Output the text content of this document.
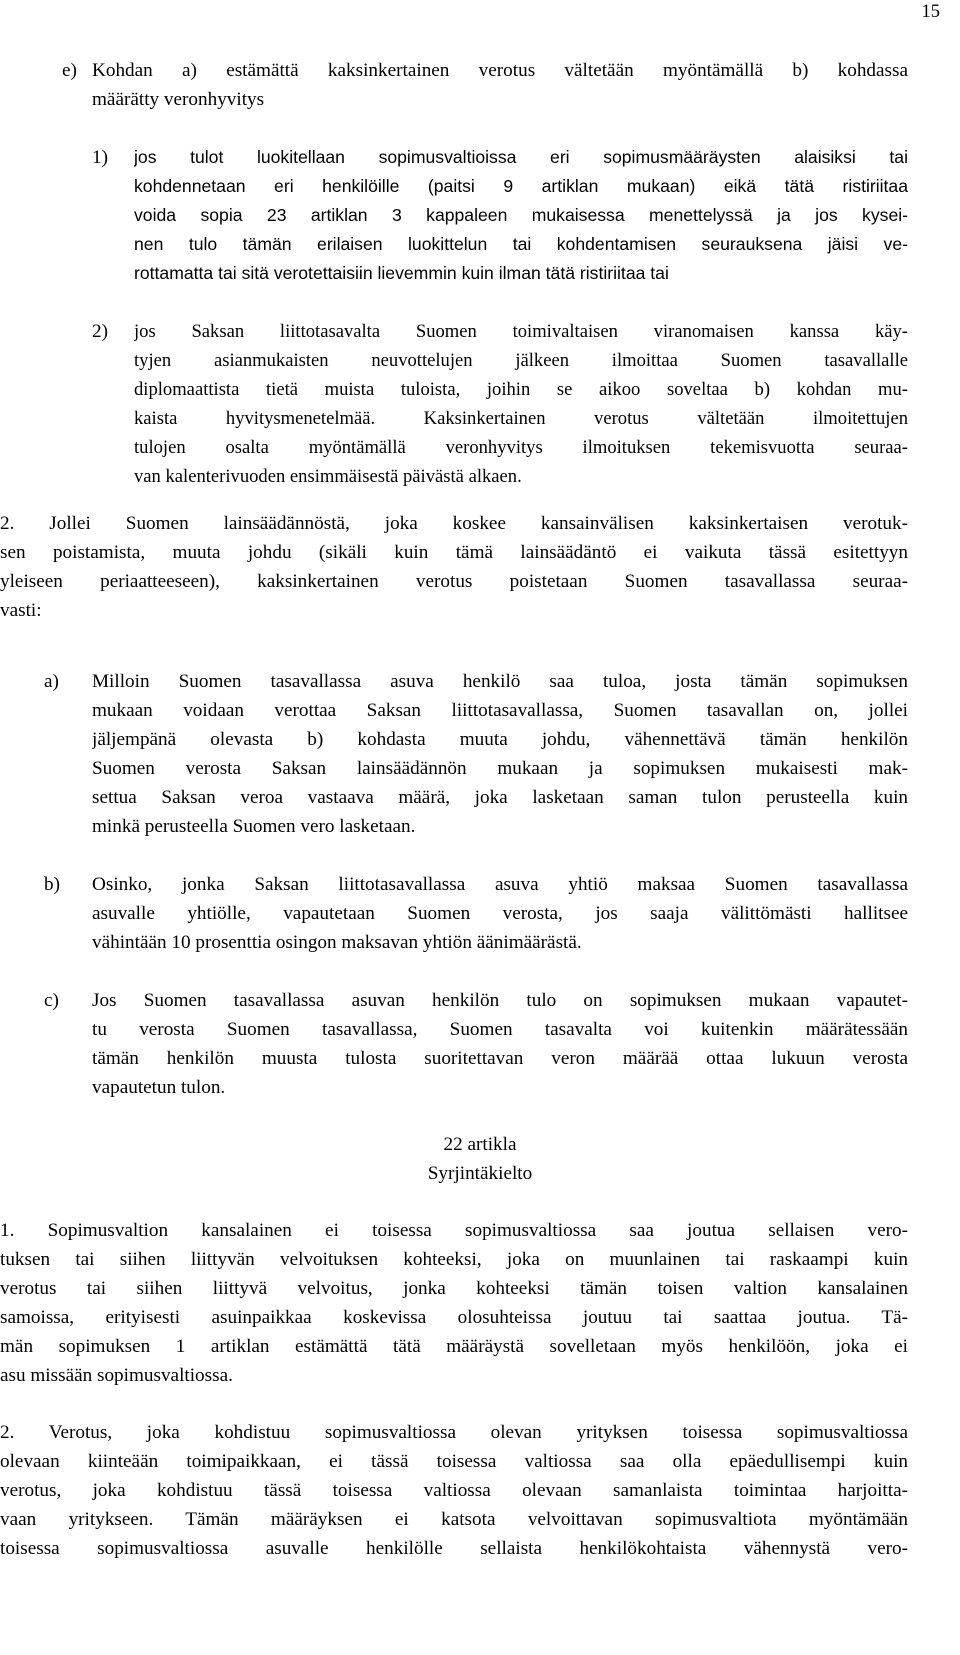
15
e) Kohdan a) estämättä kaksinkertainen verotus vältetään myöntämällä b) kohdassa
määrätty veronhyvitys
1) jos tulot luokitellaan sopimusvaltioissa eri sopimusmääräysten alaisiksi tai
kohdennetaan eri henkilöille (paitsi 9 artiklan mukaan) eikä tätä ristiriitaa
voida sopia 23 artiklan 3 kappaleen mukaisessa menettelyssä ja jos kysei-
nen tulo tämän erilaisen luokittelun tai kohdentamisen seurauksena jäisi ve-
rottamatta tai sitä verotettaisiin lievemmin kuin ilman tätä ristiriitaa tai
2) jos Saksan liittotasavalta Suomen toimivaltaisen viranomaisen kanssa käy-
tyjen asianmukaisten neuvottelujen jälkeen ilmoittaa Suomen tasavallalle
diplomaattista tietä muista tuloista, joihin se aikoo soveltaa b) kohdan mu-
kaista hyvitysmenetelmää. Kaksinkertainen verotus vältetään ilmoitettujen
tulojen osalta myöntämällä veronhyvitys ilmoituksen tekemisvuotta seuraa-
van kalenterivuoden ensimmäisestä päivästä alkaen.
2. Jollei Suomen lainsäädännöstä, joka koskee kansainvälisen kaksinkertaisen verotuk-
sen poistamista, muuta johdu (sikäli kuin tämä lainsäädäntö ei vaikuta tässä esitettyyn
yleiseen periaatteeseen), kaksinkertainen verotus poistetaan Suomen tasavallassa seuraa-
vasti:
a) Milloin Suomen tasavallassa asuva henkilö saa tuloa, josta tämän sopimuksen
mukaan voidaan verottaa Saksan liittotasavallassa, Suomen tasavallan on, jollei
jäljempänä olevasta b) kohdasta muuta johdu, vähennettävä tämän henkilön
Suomen verosta Saksan lainsäädännön mukaan ja sopimuksen mukaisesti mak-
settua Saksan veroa vastaava määrä, joka lasketaan saman tulon perusteella kuin
minkä perusteella Suomen vero lasketaan.
b) Osinko, jonka Saksan liittotasavallassa asuva yhtiö maksaa Suomen tasavallassa
asuvalle yhtiölle, vapautetaan Suomen verosta, jos saaja välittömästi hallitsee
vähintään 10 prosenttia osingon maksavan yhtiön äänimäärästä.
c) Jos Suomen tasavallassa asuvan henkilön tulo on sopimuksen mukaan vapautet-
tu verosta Suomen tasavallassa, Suomen tasavalta voi kuitenkin määrätessään
tämän henkilön muusta tulosta suoritettavan veron määrää ottaa lukuun verosta
vapautetun tulon.
22 artikla
Syrjintäkielto
1. Sopimusvaltion kansalainen ei toisessa sopimusvaltiossa saa joutua sellaisen vero-
tuksen tai siihen liittyvän velvoituksen kohteeksi, joka on muunlainen tai raskaampi kuin
verotus tai siihen liittyvä velvoitus, jonka kohteeksi tämän toisen valtion kansalainen
samoissa, erityisesti asuinpaikkaa koskevissa olosuhteissa joutuu tai saattaa joutua. Tä-
män sopimuksen 1 artiklan estämättä tätä määräystä sovelletaan myös henkilöön, joka ei
asu missään sopimusvaltiossa.
2. Verotus, joka kohdistuu sopimusvaltiossa olevan yrityksen toisessa sopimusvaltiossa
olevaan kiinteään toimipaikkaan, ei tässä toisessa valtiossa saa olla epäedullisempi kuin
verotus, joka kohdistuu tässä toisessa valtiossa olevaan samanlaista toimintaa harjoitta-
vaan yritykseen. Tämän määräyksen ei katsota velvoittavan sopimusvaltiota myöntämään
toisessa sopimusvaltiossa asuvalle henkilölle sellaista henkilökohtaista vähennystä vero-
